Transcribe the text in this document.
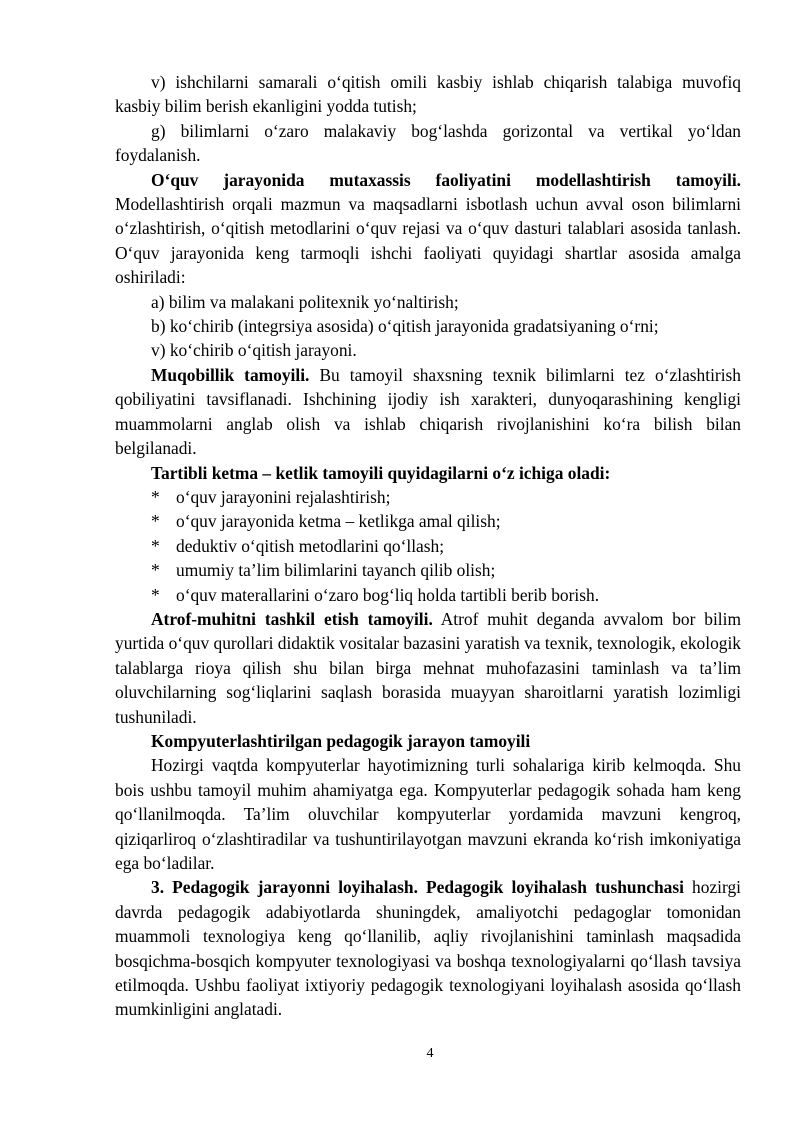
v) ishchilarni samarali o‘qitish omili kasbiy ishlab chiqarish talabiga muvofiq kasbiy bilim berish ekanligini yodda tutish;

g) bilimlarni o‘zaro malakaviy bog‘lashda gorizontal va vertikal yo‘ldan foydalanish.

O‘quv jarayonida mutaxassis faoliyatini modellashtirish tamoyili. Modellashtirish orqali mazmun va maqsadlarni isbotlash uchun avval oson bilimlarni o‘zlashtirish, o‘qitish metodlarini o‘quv rejasi va o‘quv dasturi talablari asosida tanlash. O‘quv jarayonida keng tarmoqli ishchi faoliyati quyidagi shartlar asosida amalga oshiriladi:

a) bilim va malakani politexnik yo‘naltirish;

b) ko‘chirib (integrsiya asosida) o‘qitish jarayonida gradatsiyaning o‘rni;

v) ko‘chirib o‘qitish jarayoni.

Muqobillik tamoyili. Bu tamoyil shaxsning texnik bilimlarni tez o‘zlashtirish qobiliyatini tavsiflanadi. Ishchining ijodiy ish xarakteri, dunyoqarashining kengligi muammolarni anglab olish va ishlab chiqarish rivojlanishini ko‘ra bilish bilan belgilanadi.

Tartibli ketma – ketlik tamoyili quyidagilarni o‘z ichiga oladi:

* o‘quv jarayonini rejalashtirish;

* o‘quv jarayonida ketma – ketlikga amal qilish;

* deduktiv o‘qitish metodlarini qo‘llash;

* umumiy ta’lim bilimlarini tayanch qilib olish;

* o‘quv materallarini o‘zaro bog‘liq holda tartibli berib borish.

Atrof-muhitni tashkil etish tamoyili. Atrof muhit deganda avvalom bor bilim yurtida o‘quv qurollari didaktik vositalar bazasini yaratish va texnik, texnologik, ekologik talablarga rioya qilish shu bilan birga mehnat muhofazasini taminlash va ta’lim oluvchilarning sog‘liqlarini saqlash borasida muayyan sharoitlarni yaratish lozimligi tushuniladi.

Kompyuterlashtirilgan pedagogik jarayon tamoyili

Hozirgi vaqtda kompyuterlar hayotimizning turli sohalariga kirib kelmoqda. Shu bois ushbu tamoyil muhim ahamiyatga ega. Kompyuterlar pedagogik sohada ham keng qo‘llanilmoqda. Ta’lim oluvchilar kompyuterlar yordamida mavzuni kengroq, qiziqarliroq o‘zlashtiradilar va tushuntirilayotgan mavzuni ekranda ko‘rish imkoniyatiga ega bo‘ladilar.

3. Pedagogik jarayonni loyihalash. Pedagogik loyihalash tushunchasi hozirgi davrda pedagogik adabiyotlarda shuningdek, amaliyotchi pedagoglar tomonidan muammoli texnologiya keng qo‘llanilib, aqliy rivojlanishini taminlash maqsadida bosqichma-bosqich kompyuter texnologiyasi va boshqa texnologiyalarni qo‘llash tavsiya etilmoqda. Ushbu faoliyat ixtiyoriy pedagogik texnologiyani loyihalash asosida qo‘llash mumkinligini anglatadi.

4
